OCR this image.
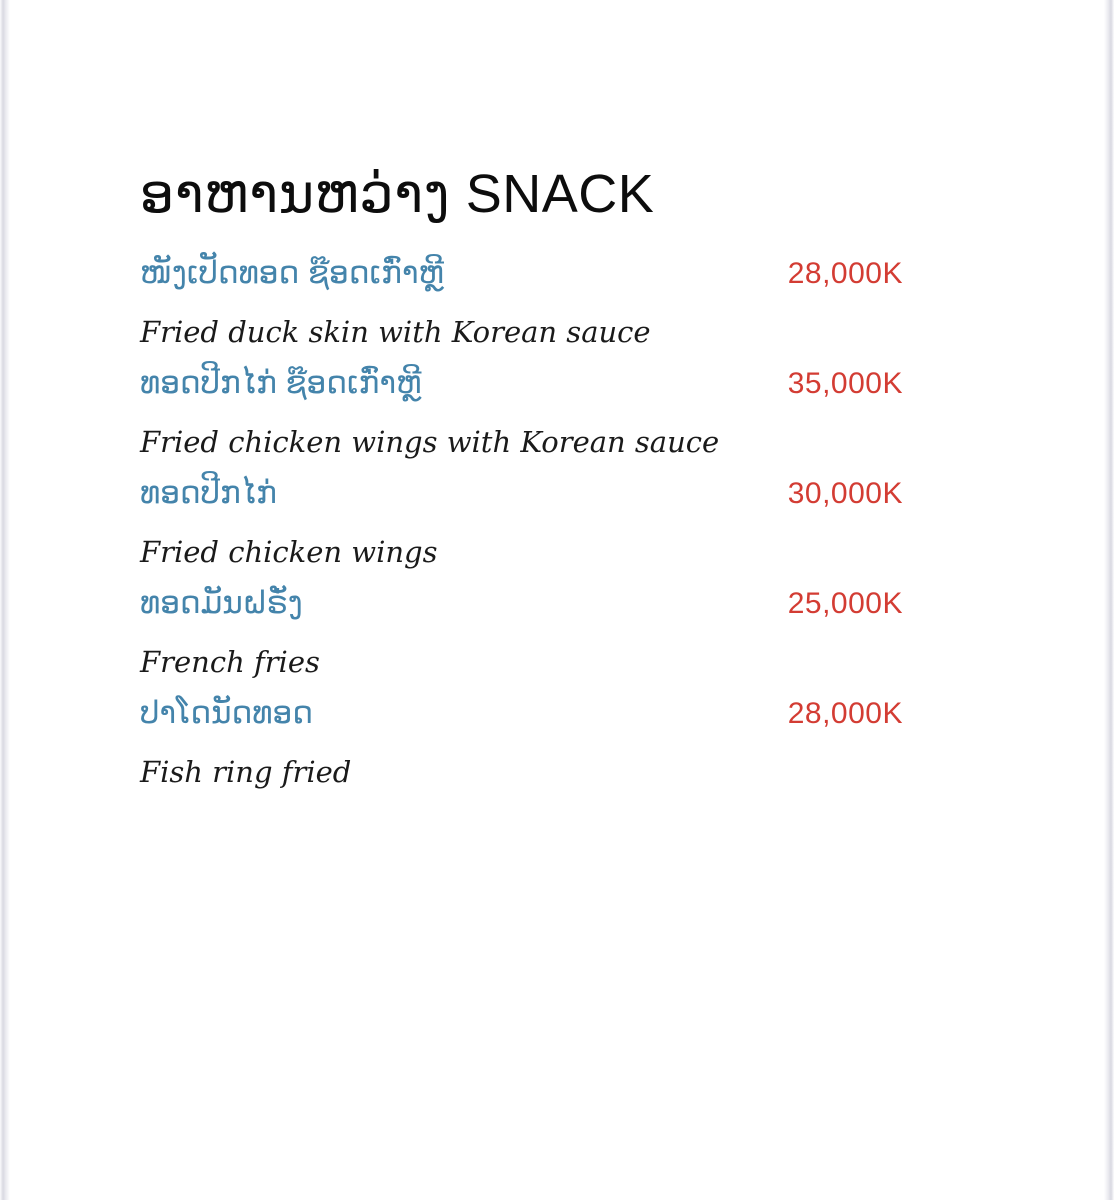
ອາຫານຫວ່າງ SNACK
ໜັງເປັດທອດ ຊ໊ອດເກົ່າຫຼີ	28,000K
Fried duck skin with Korean sauce
ທອດປີກໄກ່ ຊ໊ອດເກົ່າຫຼີ	35,000K
Fried chicken wings with Korean sauce
ທອດປີກໄກ່	30,000K
Fried chicken wings
ທອດມັນຝຣັ່ງ	25,000K
French fries
ປາໂດນັດທອດ	28,000K
Fish ring fried
